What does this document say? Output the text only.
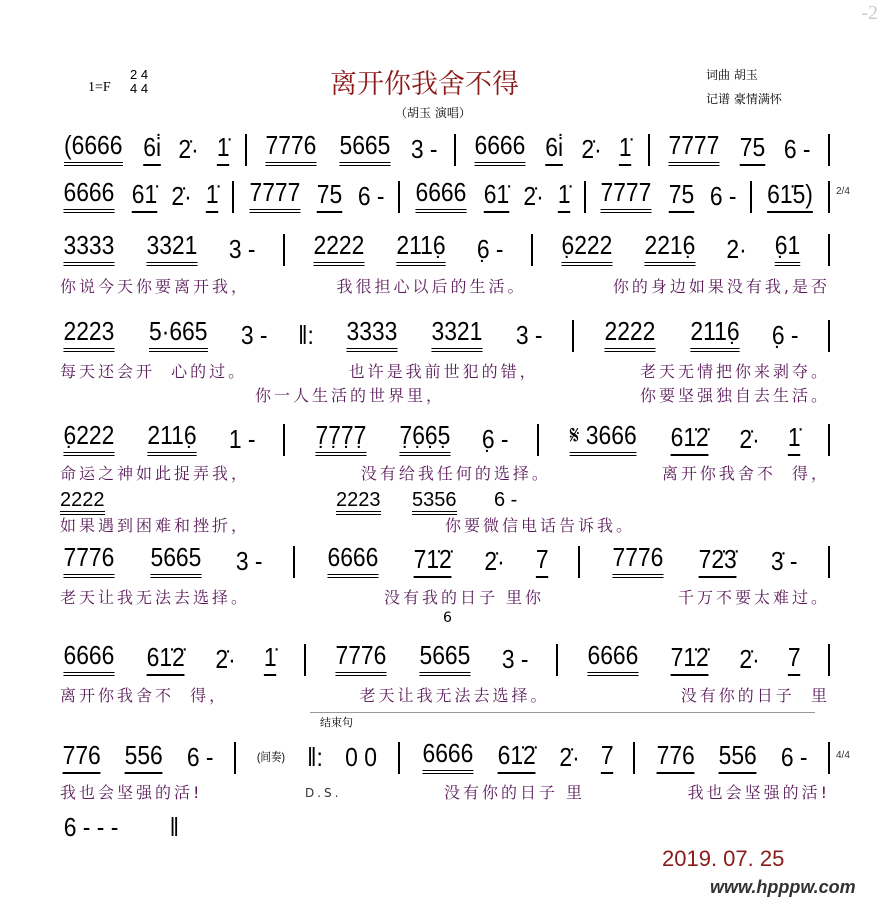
-2
1=F
2 4
4 4
2/4
4/4
离开你我舍不得
（胡玉 演唱）
词曲 胡玉
记谱 豪情满怀
(6666 6i̇ 2̇· 1̇ 7776 5665 3 - 6666 6i̇ 2̇· 1̇ 7777 75 6 -
6666 61̇ 2̇· 1̇ 7777 75 6 - 6666 61̇ 2̇· 1̇ 7777 75 6 - 61̇5)
3333 3321 3 - 2222 2116̣ 6̣ - 6̣222 2216̣ 2· 6̣1
2223 5·665 3 - ‖: 3333 3321 3 - 2222 2116̣ 6̣ -
6̣222 2116̣ 1 - 7̣7̣7̣7̣ 7̣6̣6̣5̣ 6̣ - 𝄋 3666 61̇2̇ 2̇· 1̇
7776 5665 3 -	6666 71̇2̇ 2̇· 7 7776 72̇3̇ 3̇ -
6666 61̇2̇ 2̇· 1̇ 7776 5665 3 - 6666 71̇2̇ 2̇· 7
776 556 6 -	(间奏) ‖: 0 0 6666 61̇2̇ 2̇· 7 776 556 6 -
6 - - - ‖
你说今天你要离开我，	我很担心以后的生活。	你的身边如果没有我,是否
每天还会开  心的过。	也许是我前世犯的错，	老天无情把你来剥夺。
你一人生活的世界里，	你要坚强独自去生活。
命运之神如此捉弄我，	没有给我任何的选择。	离开你我舍不  得，
如果遇到困难和挫折，	你要微信电话告诉我。
老天让我无法去选择。	没有我的日子 里你	千万不要太难过。
离开你我舍不  得，	老天让我无法去选择。	没有你的日子  里
我也会坚强的活!	D.S.	没有你的日子 里	我也会坚强的活!
2222	2223 5356 6 -
6
结束句
2019. 07. 25
www.hpppw.com
